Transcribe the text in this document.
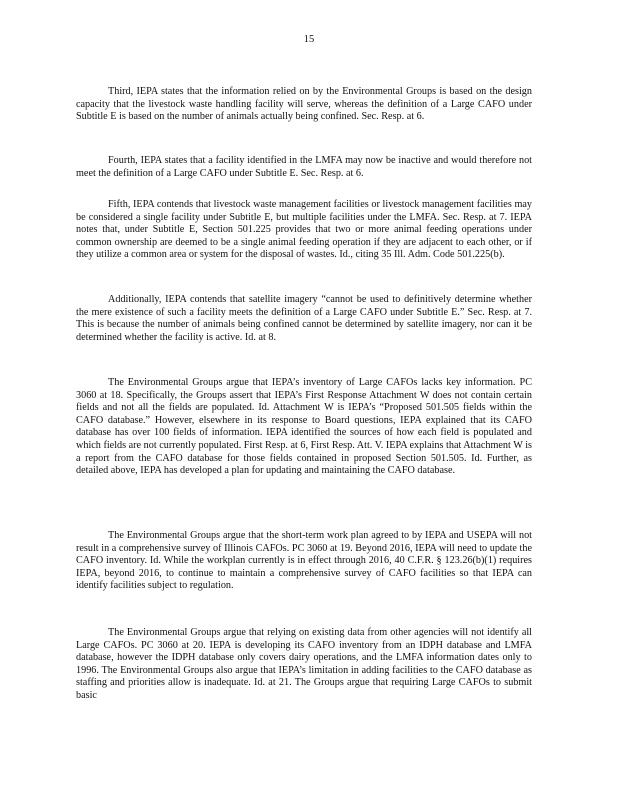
15

Third, IEPA states that the information relied on by the Environmental Groups is based on the design capacity that the livestock waste handling facility will serve, whereas the definition of a Large CAFO under Subtitle E is based on the number of animals actually being confined. Sec. Resp. at 6.

Fourth, IEPA states that a facility identified in the LMFA may now be inactive and would therefore not meet the definition of a Large CAFO under Subtitle E. Sec. Resp. at 6.

Fifth, IEPA contends that livestock waste management facilities or livestock management facilities may be considered a single facility under Subtitle E, but multiple facilities under the LMFA. Sec. Resp. at 7. IEPA notes that, under Subtitle E, Section 501.225 provides that two or more animal feeding operations under common ownership are deemed to be a single animal feeding operation if they are adjacent to each other, or if they utilize a common area or system for the disposal of wastes. Id., citing 35 Ill. Adm. Code 501.225(b).

Additionally, IEPA contends that satellite imagery “cannot be used to definitively determine whether the mere existence of such a facility meets the definition of a Large CAFO under Subtitle E.” Sec. Resp. at 7. This is because the number of animals being confined cannot be determined by satellite imagery, nor can it be determined whether the facility is active. Id. at 8.

The Environmental Groups argue that IEPA’s inventory of Large CAFOs lacks key information. PC 3060 at 18. Specifically, the Groups assert that IEPA’s First Response Attachment W does not contain certain fields and not all the fields are populated. Id. Attachment W is IEPA’s “Proposed 501.505 fields within the CAFO database.” However, elsewhere in its response to Board questions, IEPA explained that its CAFO database has over 100 fields of information. IEPA identified the sources of how each field is populated and which fields are not currently populated. First Resp. at 6, First Resp. Att. V. IEPA explains that Attachment W is a report from the CAFO database for those fields contained in proposed Section 501.505. Id. Further, as detailed above, IEPA has developed a plan for updating and maintaining the CAFO database.

The Environmental Groups argue that the short-term work plan agreed to by IEPA and USEPA will not result in a comprehensive survey of Illinois CAFOs. PC 3060 at 19. Beyond 2016, IEPA will need to update the CAFO inventory. Id. While the workplan currently is in effect through 2016, 40 C.F.R. § 123.26(b)(1) requires IEPA, beyond 2016, to continue to maintain a comprehensive survey of CAFO facilities so that IEPA can identify facilities subject to regulation.

The Environmental Groups argue that relying on existing data from other agencies will not identify all Large CAFOs. PC 3060 at 20. IEPA is developing its CAFO inventory from an IDPH database and LMFA database, however the IDPH database only covers dairy operations, and the LMFA information dates only to 1996. The Environmental Groups also argue that IEPA’s limitation in adding facilities to the CAFO database as staffing and priorities allow is inadequate. Id. at 21. The Groups argue that requiring Large CAFOs to submit basic
